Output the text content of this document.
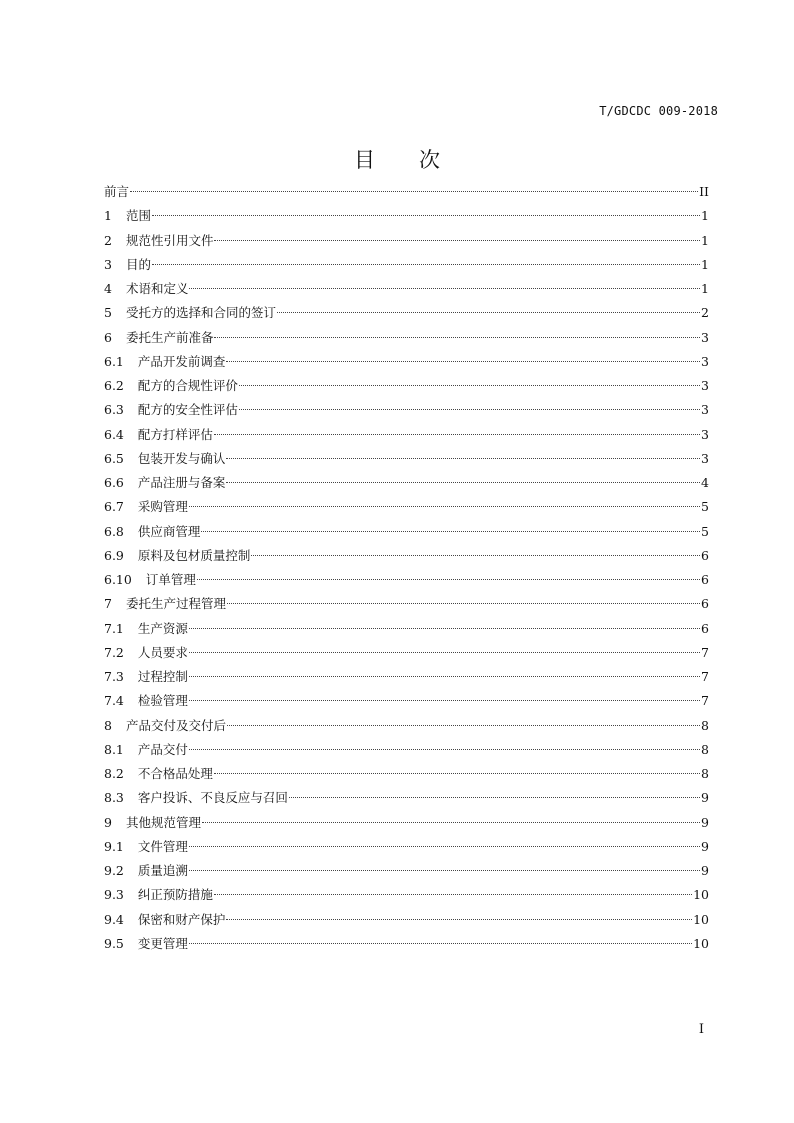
T/GDCDC 009-2018
目次
前言	II
1 范围	1
2 规范性引用文件	1
3 目的	1
4 术语和定义	1
5 受托方的选择和合同的签订	2
6 委托生产前准备	3
6.1 产品开发前调查	3
6.2 配方的合规性评价	3
6.3 配方的安全性评估	3
6.4 配方打样评估	3
6.5 包装开发与确认	3
6.6 产品注册与备案	4
6.7 采购管理	5
6.8 供应商管理	5
6.9 原料及包材质量控制	6
6.10 订单管理	6
7 委托生产过程管理	6
7.1 生产资源	6
7.2 人员要求	7
7.3 过程控制	7
7.4 检验管理	7
8 产品交付及交付后	8
8.1 产品交付	8
8.2 不合格品处理	8
8.3 客户投诉、不良反应与召回	9
9 其他规范管理	9
9.1 文件管理	9
9.2 质量追溯	9
9.3 纠正预防措施	10
9.4 保密和财产保护	10
9.5 变更管理	10
I
